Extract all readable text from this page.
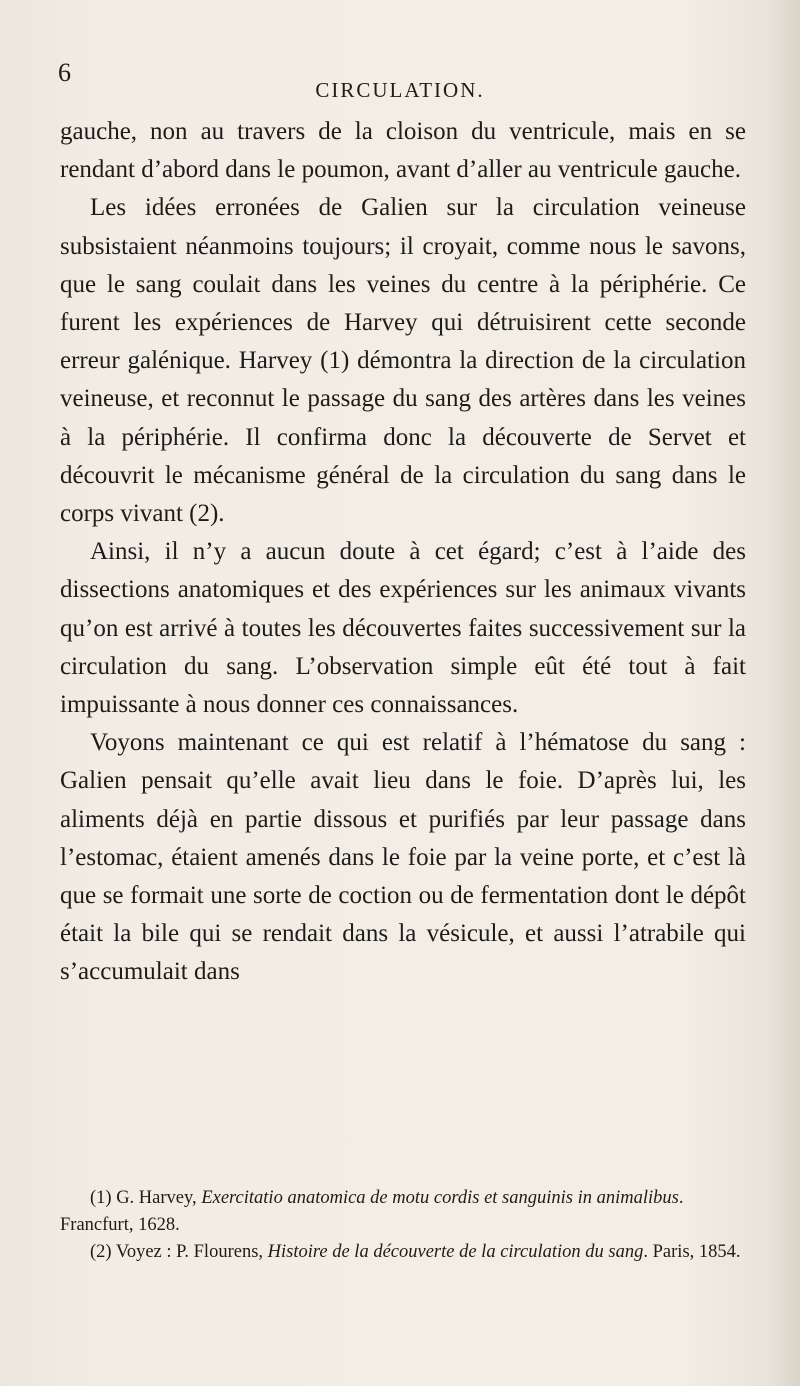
6
CIRCULATION.

gauche, non au travers de la cloison du ventricule, mais en se rendant d’abord dans le poumon, avant d’aller au ventricule gauche.

Les idées erronées de Galien sur la circulation veineuse subsistaient néanmoins toujours; il croyait, comme nous le savons, que le sang coulait dans les veines du centre à la périphérie. Ce furent les expériences de Harvey qui détruisirent cette seconde erreur galénique. Harvey (1) démontra la direction de la circulation veineuse, et reconnut le passage du sang des artères dans les veines à la périphérie. Il confirma donc la découverte de Servet et découvrit le mécanisme général de la circulation du sang dans le corps vivant (2).

Ainsi, il n’y a aucun doute à cet égard; c’est à l’aide des dissections anatomiques et des expériences sur les animaux vivants qu’on est arrivé à toutes les découvertes faites successivement sur la circulation du sang. L’observation simple eût été tout à fait impuissante à nous donner ces connaissances.

Voyons maintenant ce qui est relatif à l’hématose du sang : Galien pensait qu’elle avait lieu dans le foie. D’après lui, les aliments déjà en partie dissous et purifiés par leur passage dans l’estomac, étaient amenés dans le foie par la veine porte, et c’est là que se formait une sorte de coction ou de fermentation dont le dépôt était la bile qui se rendait dans la vésicule, et aussi l’atrabile qui s’accumulait dans

(1) G. Harvey, Exercitatio anatomica de motu cordis et sanguinis in animalibus. Francfurt, 1628.

(2) Voyez : P. Flourens, Histoire de la découverte de la circulation du sang. Paris, 1854.
